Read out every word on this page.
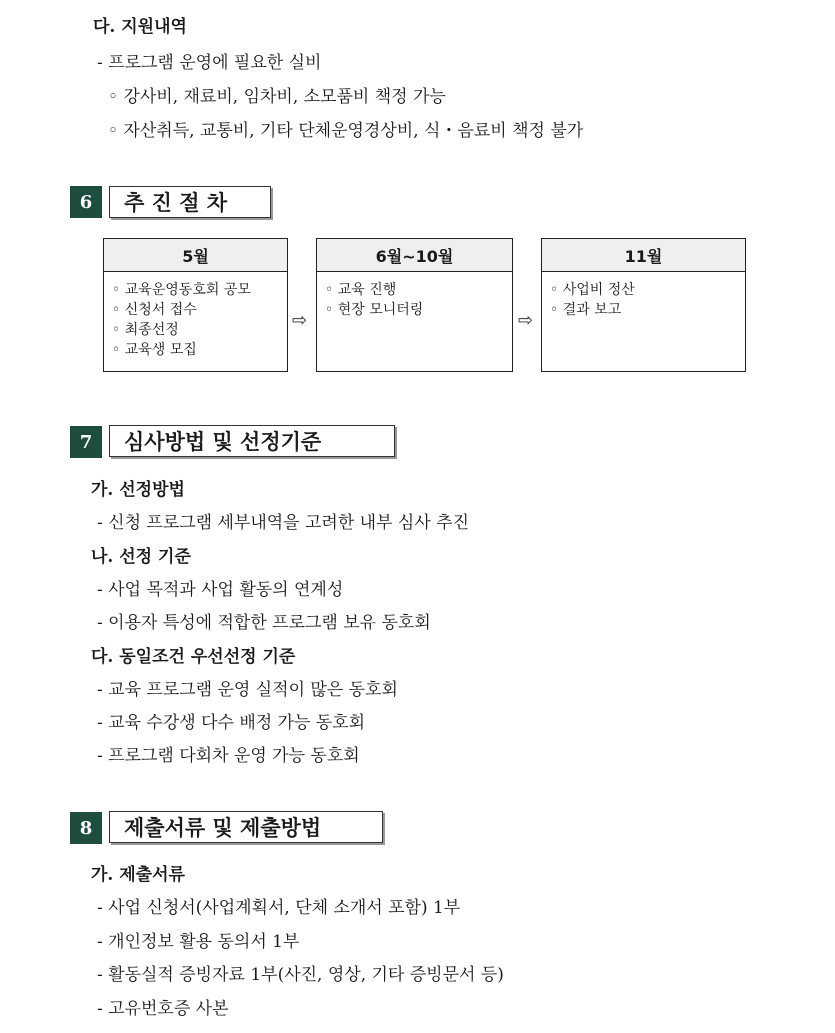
다. 지원내역
- 프로그램 운영에 필요한 실비
◦ 강사비, 재료비, 임차비, 소모품비 책정 가능
◦ 자산취득, 교통비, 기타 단체운영경상비, 식・음료비 책정 불가
6	추 진 절 차
5월
◦ 교육운영동호회 공모
◦ 신청서 접수
◦ 최종선정
◦ 교육생 모집
⇨
6월~10월
◦ 교육 진행
◦ 현장 모니터링	⇨
11월
◦ 사업비 정산
◦ 결과 보고
7	심사방법 및 선정기준
가. 선정방법
- 신청 프로그램 세부내역을 고려한 내부 심사 추진
나. 선정 기준
- 사업 목적과 사업 활동의 연계성
- 이용자 특성에 적합한 프로그램 보유 동호회
다. 동일조건 우선선정 기준
- 교육 프로그램 운영 실적이 많은 동호회
- 교육 수강생 다수 배정 가능 동호회
- 프로그램 다회차 운영 가능 동호회
8	제출서류 및 제출방법
가. 제출서류
- 사업 신청서(사업계획서, 단체 소개서 포함) 1부
- 개인정보 활용 동의서 1부
- 활동실적 증빙자료 1부(사진, 영상, 기타 증빙문서 등)
- 고유번호증 사본
